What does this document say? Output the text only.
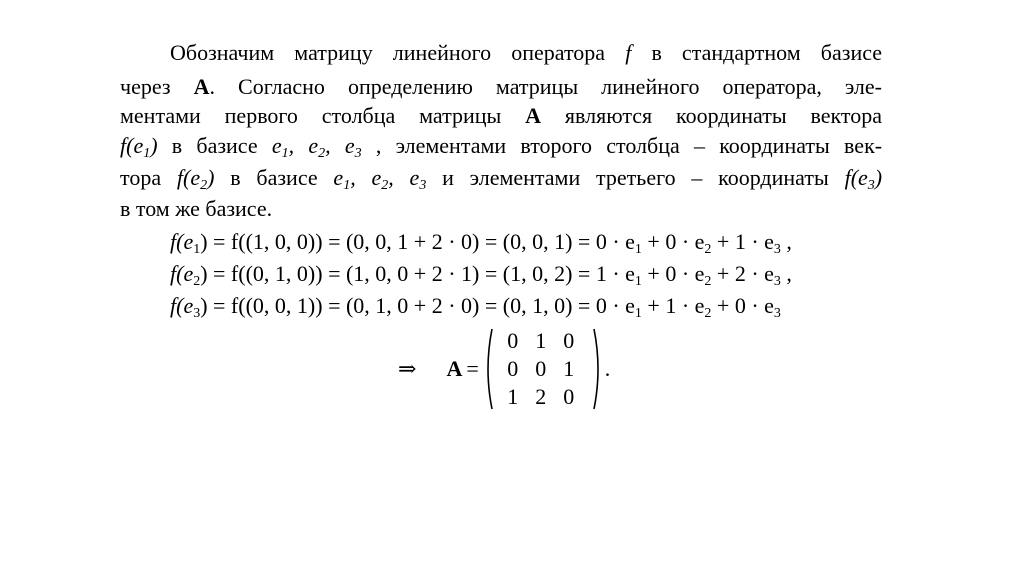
Обозначим матрицу линейного оператора f в стандартном базисе
через A. Согласно определению матрицы линейного оператора, эле-
ментами первого столбца матрицы A являются координаты вектора
$f(e_1)$ в базисе $e_1$, $e_2$, $e_3$ , элементами второго столбца – координаты век-
тора $f(e_2)$ в базисе $e_1$, $e_2$, $e_3$ и элементами третьего – координаты $f(e_3)$
в том же базисе.
$f(e_1) = f((1$, 0, 0)) = (0, 0, 1 + 2 · 0) = (0, 0, $1) = 0 \cdot e_1 + 0 \cdot e_2 + 1 \cdot e_3$ ,
$f(e_2) = f((0$, 1, 0)) = (1, 0, 0 + 2 · 1) = (1, 0, $2) = 1 \cdot e_1 + 0 \cdot e_2 + 2 \cdot e_3$ ,
$f(e_3) = f((0$, 0, 1)) = (0, 1, 0 + 2 · 0) = (0, 1, $0) = 0 \cdot e_1 + 1 \cdot e_2 + 0 \cdot e_3$
⇒ A =
0 1 0
0 0 1
1 2 0
.
